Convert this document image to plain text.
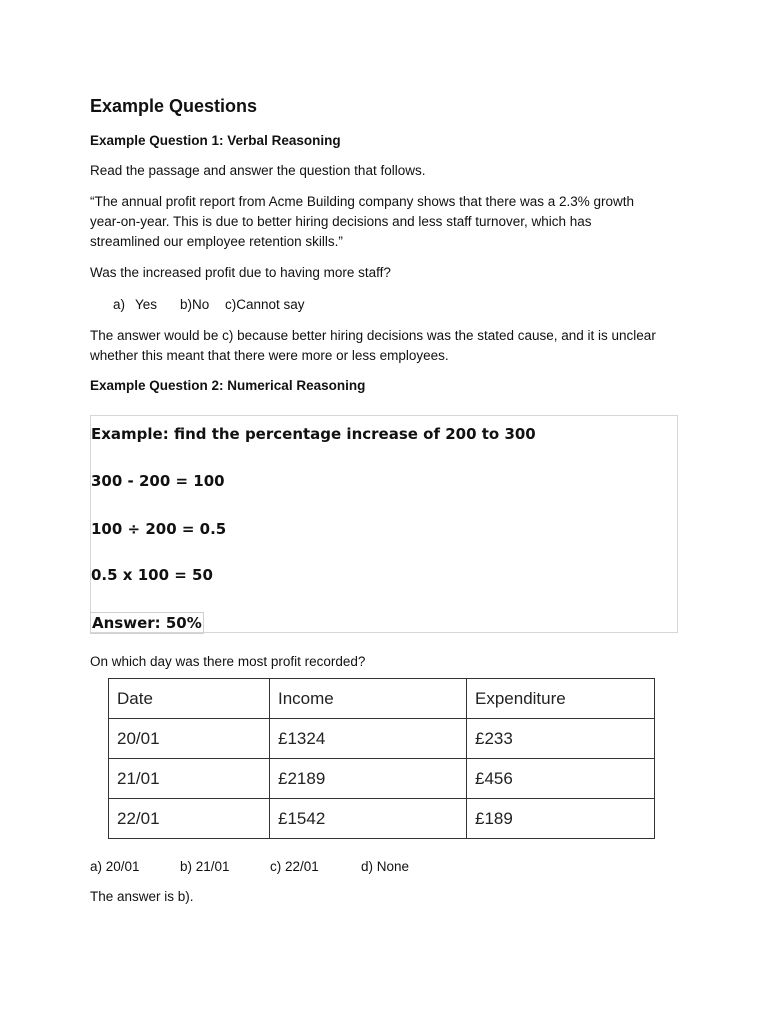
Example Questions
Example Question 1: Verbal Reasoning

Read the passage and answer the question that follows.

“The annual profit report from Acme Building company shows that there was a 2.3% growth
year-on-year. This is due to better hiring decisions and less staff turnover, which has
streamlined our employee retention skills.”

Was the increased profit due to having more staff?

a) Yes b)No c)Cannot say
The answer would be c) because better hiring decisions was the stated cause, and it is unclear
whether this meant that there were more or less employees.
Example Question 2: Numerical Reasoning
Example: find the percentage increase of 200 to 300
300 - 200 = 100
100 ÷ 200 = 0.5
0.5 x 100 = 50
Answer: 50%

On which day was there most profit recorded?

Date	Income	Expenditure
20/01	£1324	£233
21/01	£2189	£456
22/01	£1542	£189
a) 20/01	b) 21/01	c) 22/01	d) None

The answer is b).
